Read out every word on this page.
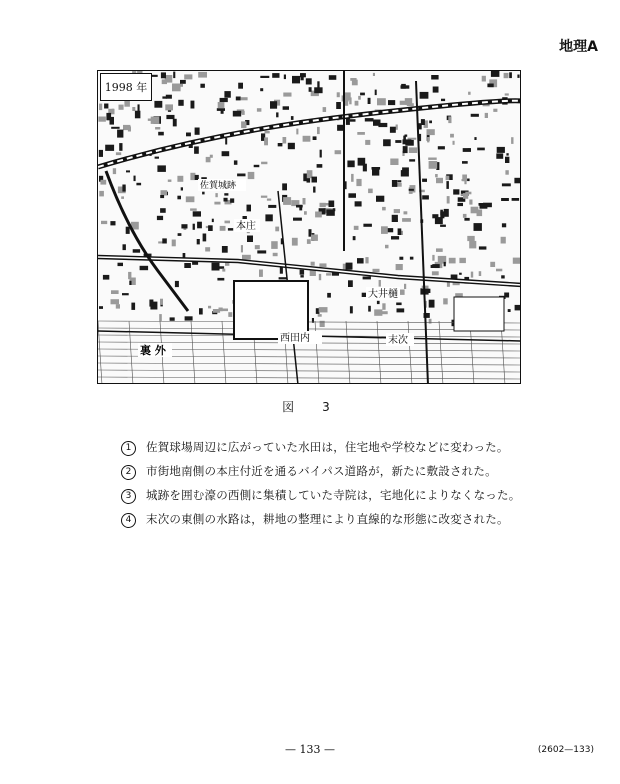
地理A
西田内
大井樋
末次
裏 外
本庄
佐賀城跡
1998 年
図　3
1	佐賀球場周辺に広がっていた水田は，住宅地や学校などに変わった。
2	市街地南側の本庄付近を通るバイパス道路が，新たに敷設された。
3	城跡を囲む濠の西側に集積していた寺院は，宅地化によりなくなった。
4	末次の東側の水路は，耕地の整理により直線的な形態に改変された。
— 133 —	(2602—133)
